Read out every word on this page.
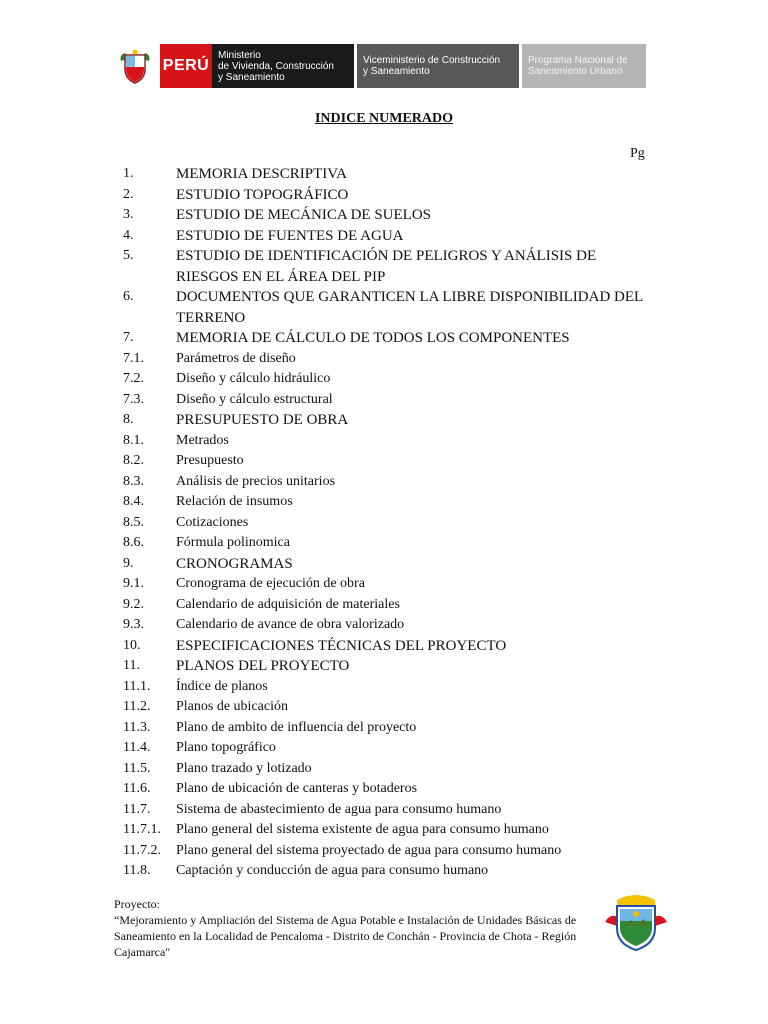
PERÚ
Ministerio
de Vivienda, Construcción
y Saneamiento
Viceministerio de Construcción
y Saneamiento
Programa Nacional de
Saneamiento Urbano
INDICE NUMERADO
Pg
1.	MEMORIA DESCRIPTIVA
2.	ESTUDIO TOPOGRÁFICO
3.	ESTUDIO DE MECÁNICA DE SUELOS
4.	ESTUDIO DE FUENTES DE AGUA
5.	ESTUDIO DE IDENTIFICACIÓN DE PELIGROS Y ANÁLISIS DE RIESGOS EN EL ÁREA DEL PIP
6.	DOCUMENTOS QUE GARANTICEN LA LIBRE DISPONIBILIDAD DEL TERRENO
7.	MEMORIA DE CÁLCULO DE TODOS LOS COMPONENTES
7.1.	Parámetros de diseño
7.2.	Diseño y cálculo hidráulico
7.3.	Diseño y cálculo estructural
8.	PRESUPUESTO DE OBRA
8.1.	Metrados
8.2.	Presupuesto
8.3.	Análisis de precios unitarios
8.4.	Relación de insumos
8.5.	Cotizaciones
8.6.	Fórmula polinomica
9.	CRONOGRAMAS
9.1.	Cronograma de ejecución de obra
9.2.	Calendario de adquisición de materiales
9.3.	Calendario de avance de obra valorizado
10.	ESPECIFICACIONES TÉCNICAS DEL PROYECTO
11.	PLANOS DEL PROYECTO
11.1.	Índice de planos
11.2.	Planos de ubicación
11.3.	Plano de ambito de influencia del proyecto
11.4.	Plano topográfico
11.5.	Plano trazado y lotizado
11.6.	Plano de ubicación de canteras y botaderos
11.7.	Sistema de abastecimiento de agua para consumo humano
11.7.1.	Plano general del sistema existente de agua para consumo humano
11.7.2.	Plano general del sistema proyectado de agua para consumo humano
11.8.	Captación y conducción de agua para consumo humano
Proyecto:
“Mejoramiento y Ampliación del Sistema de Agua Potable e Instalación de Unidades Básicas de Saneamiento en la Localidad de Pencaloma - Distrito de Conchán - Provincia de Chota - Región Cajamarca"
